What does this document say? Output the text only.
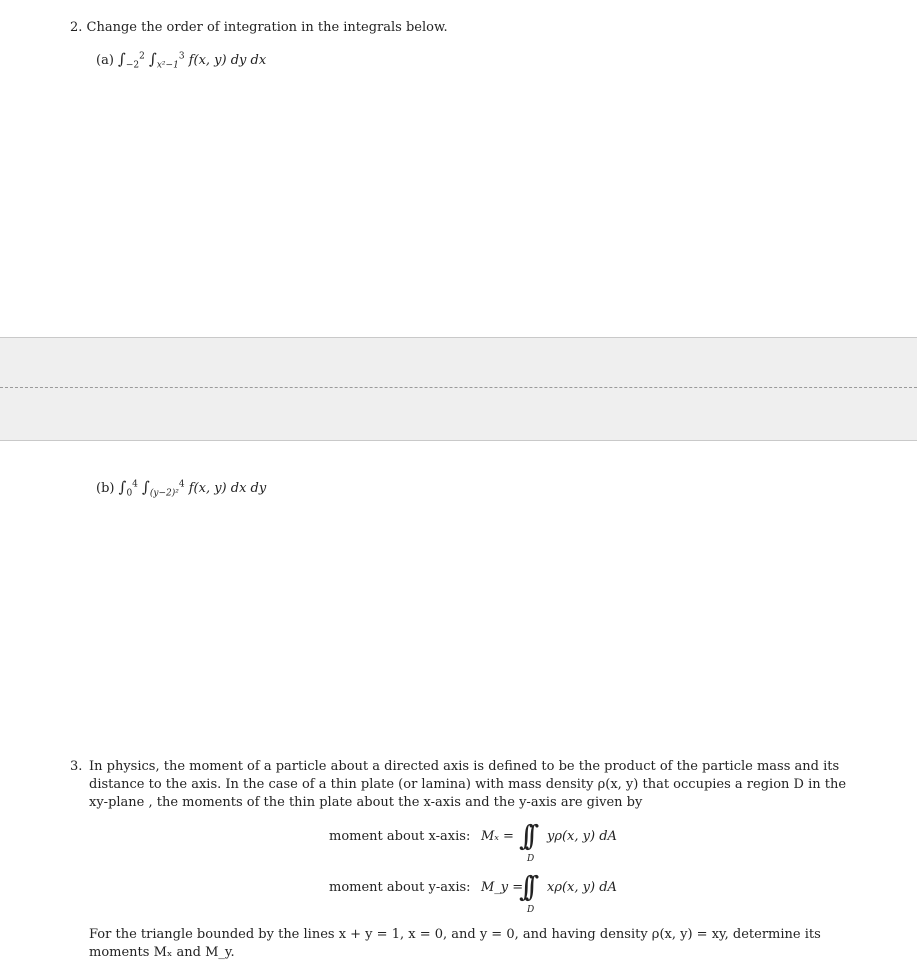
2. Change the order of integration in the integrals below.
(a) $\int_{-2}^2$ $\int_{x^2-1}^3$ f(x, y) dy dx
(b) $\int_0^4$ $\int_{(y-2)^2}^4$ f(x, y) dx dy
3. In physics, the moment of a particle about a directed axis is defined to be the product of the particle mass and its
distance to the axis. In the case of a thin plate (or lamina) with mass density ρ(x, y) that occupies a region D in the
xy-plane , the moments of the thin plate about the x-axis and the y-axis are given by
moment about x-axis: Mₓ = ∫∫
D
yρ(x, y) dA
moment about y-axis: M_y =
∫∫
D
xρ(x, y) dA
For the triangle bounded by the lines x + y = 1, x = 0, and y = 0, and having density ρ(x, y) = xy, determine its
moments Mₓ and M_y.
